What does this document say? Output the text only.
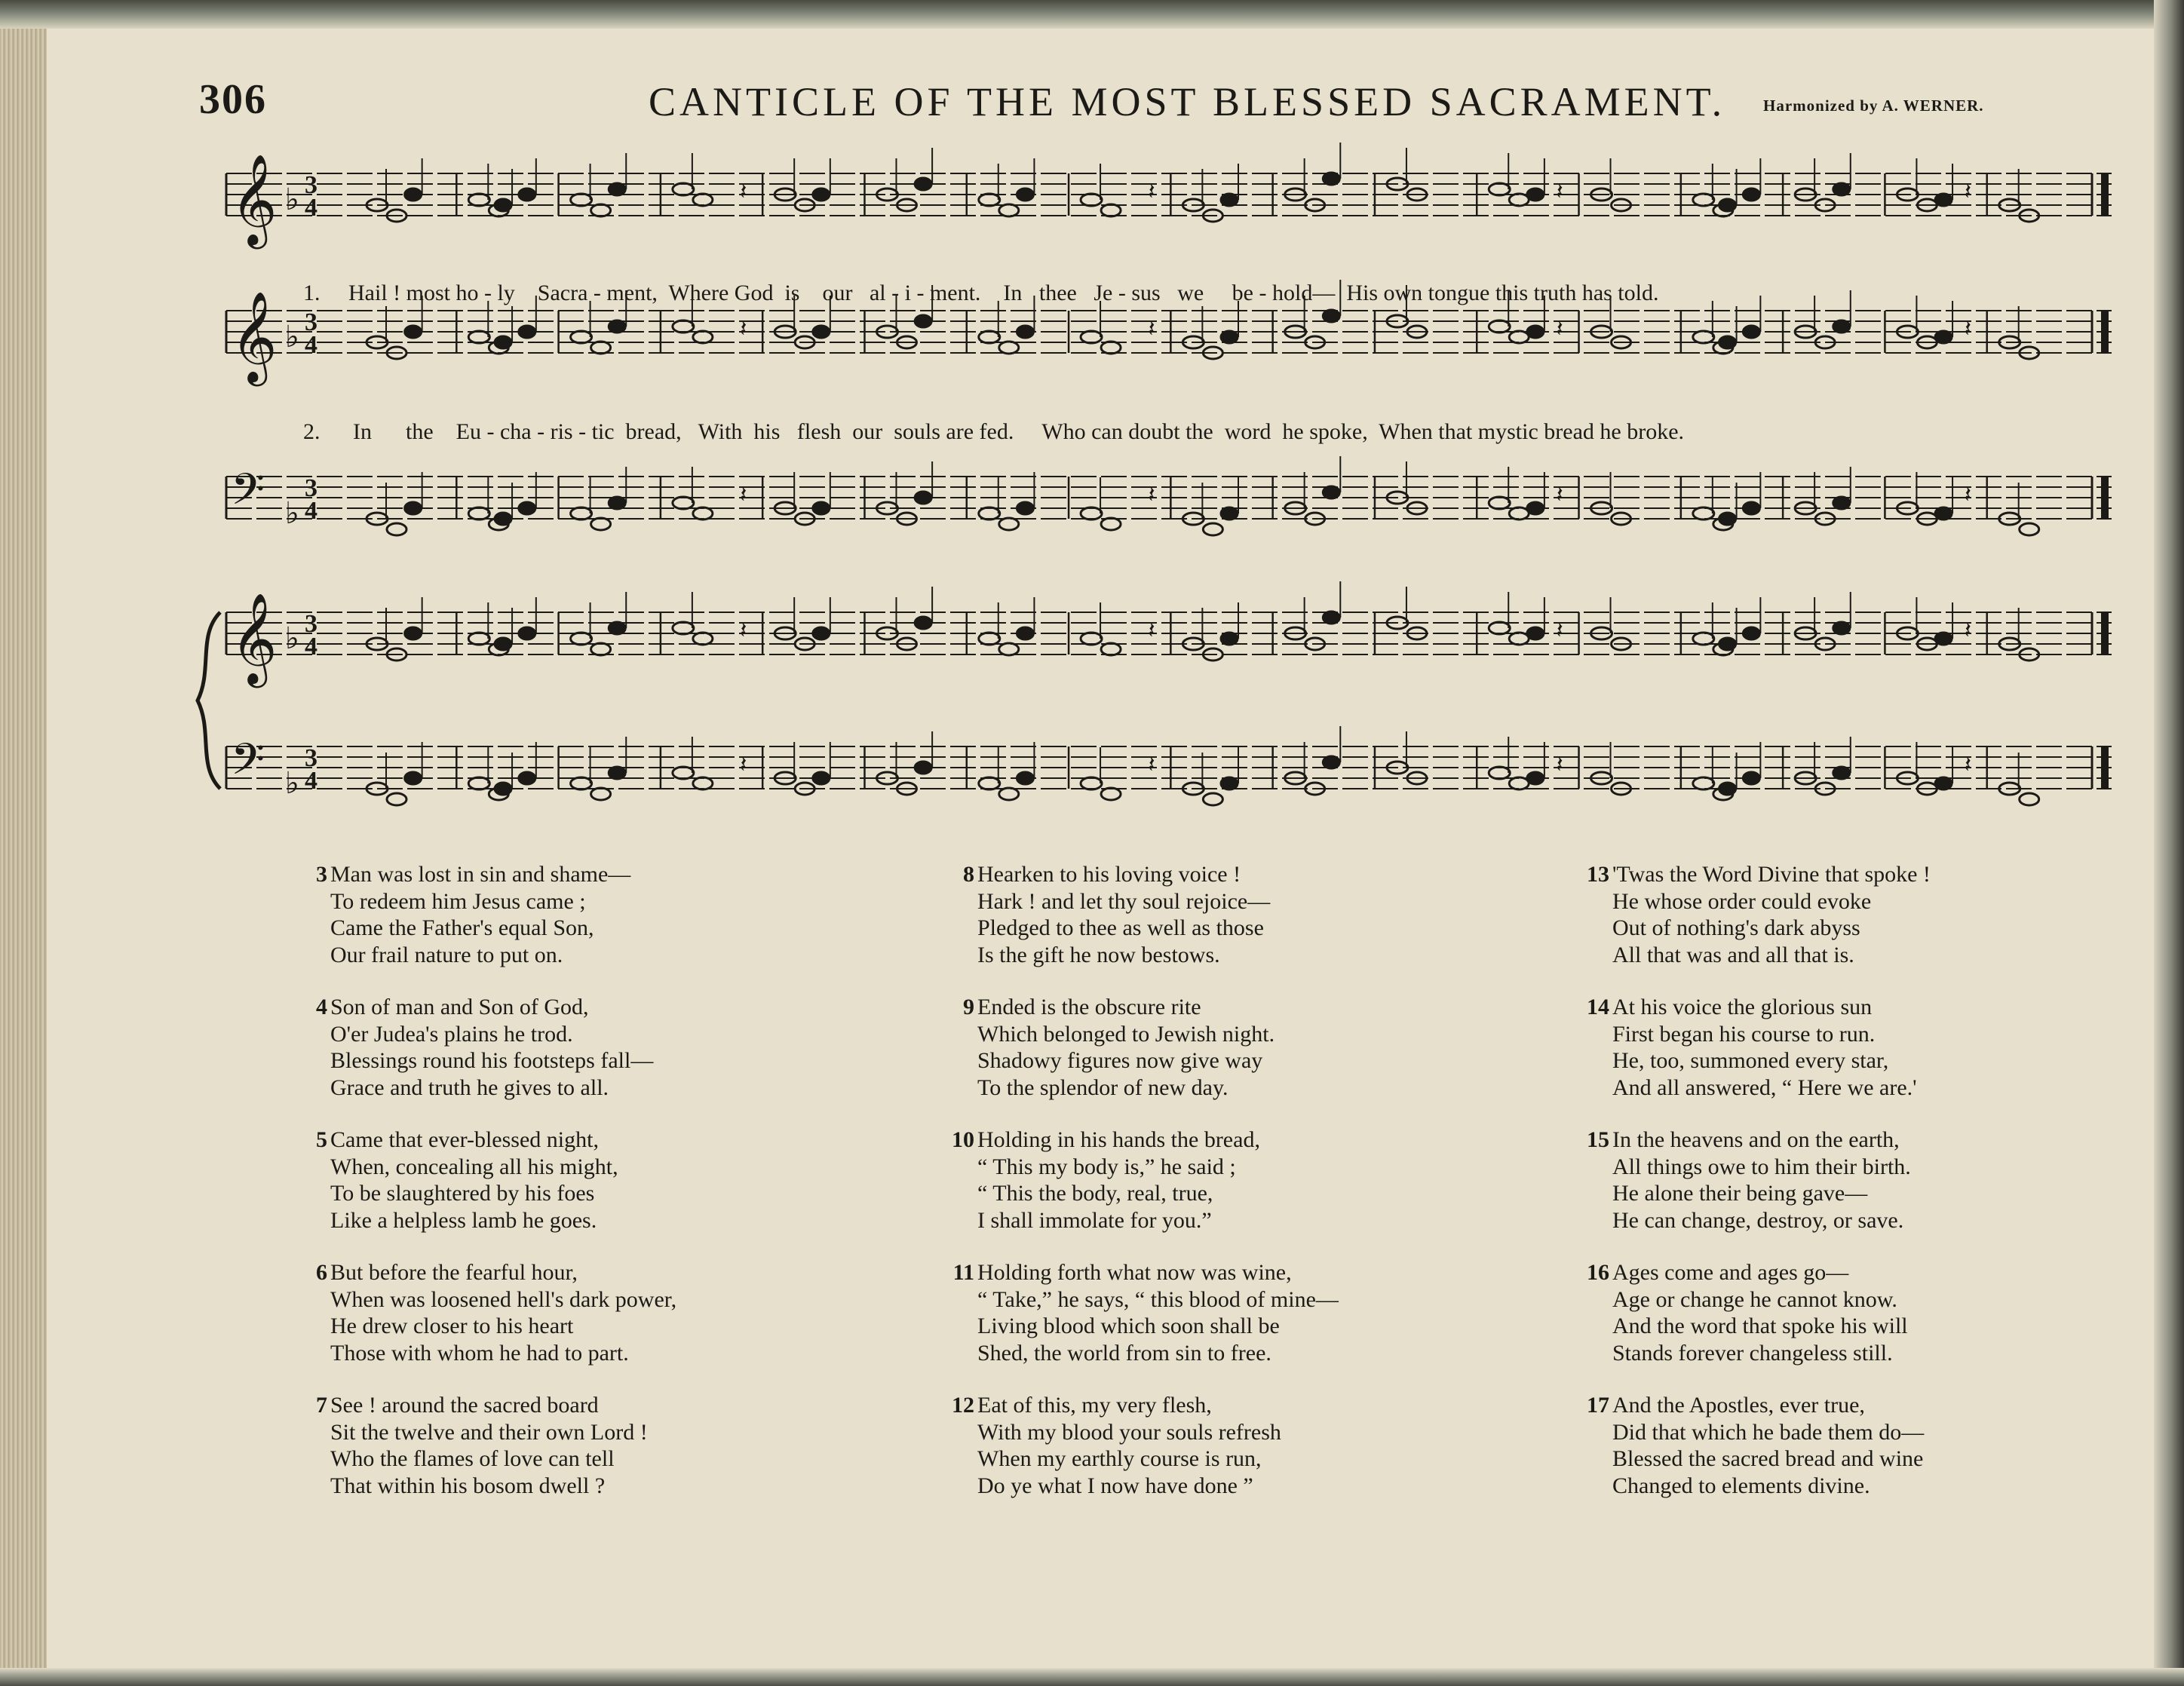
306	CANTICLE OF THE MOST BLESSED SACRAMENT. Harmonized by A. WERNER.
𝄞 ♭ 3
4
𝄽	𝄽	𝄽	𝄽
𝄞 ♭ 3
4
𝄽	𝄽	𝄽	𝄽
𝄢 ♭
3
4
𝄽	𝄽	𝄽	𝄽
𝄞 ♭ 3
4
𝄽	𝄽	𝄽	𝄽
𝄢 ♭
3
4
𝄽	𝄽	𝄽	𝄽
1. Hail ! most ho - ly    Sacra - ment,  Where God  is    our   al - i - ment.    In   thee   Je - sus   we     be - hold—  His own tongue this truth has told.
2. In      the    Eu - cha - ris - tic  bread,   With  his   flesh  our  souls are fed.     Who can doubt the  word  he spoke,  When that mystic bread he broke.
3 Man was lost in sin and shame—
To redeem him Jesus came ;
Came the Father's equal Son,
Our frail nature to put on.
4 Son of man and Son of God,
O'er Judea's plains he trod.
Blessings round his footsteps fall—
Grace and truth he gives to all.
5 Came that ever-blessed night,
When, concealing all his might,
To be slaughtered by his foes
Like a helpless lamb he goes.
6 But before the fearful hour,
When was loosened hell's dark power,
He drew closer to his heart
Those with whom he had to part.
7 See ! around the sacred board
Sit the twelve and their own Lord !
Who the flames of love can tell
That within his bosom dwell ?
8 Hearken to his loving voice !
Hark ! and let thy soul rejoice—
Pledged to thee as well as those
Is the gift he now bestows.
9 Ended is the obscure rite
Which belonged to Jewish night.
Shadowy figures now give way
To the splendor of new day.
10 Holding in his hands the bread,
“ This my body is,” he said ;
“ This the body, real, true,
I shall immolate for you.”
11 Holding forth what now was wine,
“ Take,” he says, “ this blood of mine—
Living blood which soon shall be
Shed, the world from sin to free.
12 Eat of this, my very flesh,
With my blood your souls refresh
When my earthly course is run,
Do ye what I now have done ”
13 'Twas the Word Divine that spoke !
He whose order could evoke
Out of nothing's dark abyss
All that was and all that is.
14 At his voice the glorious sun
First began his course to run.
He, too, summoned every star,
And all answered, “ Here we are.'
15 In the heavens and on the earth,
All things owe to him their birth.
He alone their being gave—
He can change, destroy, or save.
16 Ages come and ages go—
Age or change he cannot know.
And the word that spoke his will
Stands forever changeless still.
17 And the Apostles, ever true,
Did that which he bade them do—
Blessed the sacred bread and wine
Changed to elements divine.
